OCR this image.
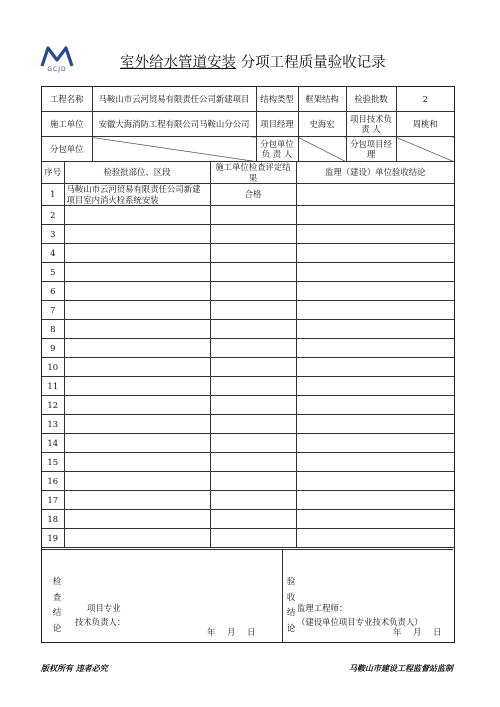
GCJD	室外给水管道安装 分项工程质量验收记录
工程名称	马鞍山市云河贸易有限责任公司新建项目	结构类型	框架结构	检验批数	2
施工单位	安徽大海消防工程有限公司马鞍山分公司	项目经理	史海宏	项目技术负 责 人	周桃和
分包单位		分包单位负 责 人		分包项目经理	
序号	检验批部位、区段	施工单位检查评定结果	监理（建设）单位验收结论
1	马鞍山市云河贸易有限责任公司新建项目室内消火栓系统安装	合格	
2			
3			
4			
5			
6			
7			
8			
9			
10			
11			
12			
13			
14			
15			
16			
17			
18			
19			
检
查
结
论
项目专业
技术负责人：
年 月 日
验
收
结
论
监理工程师：
（建设单位项目专业技术负责人）
年 月 日
版权所有 违者必究	马鞍山市建设工程监督站监制
